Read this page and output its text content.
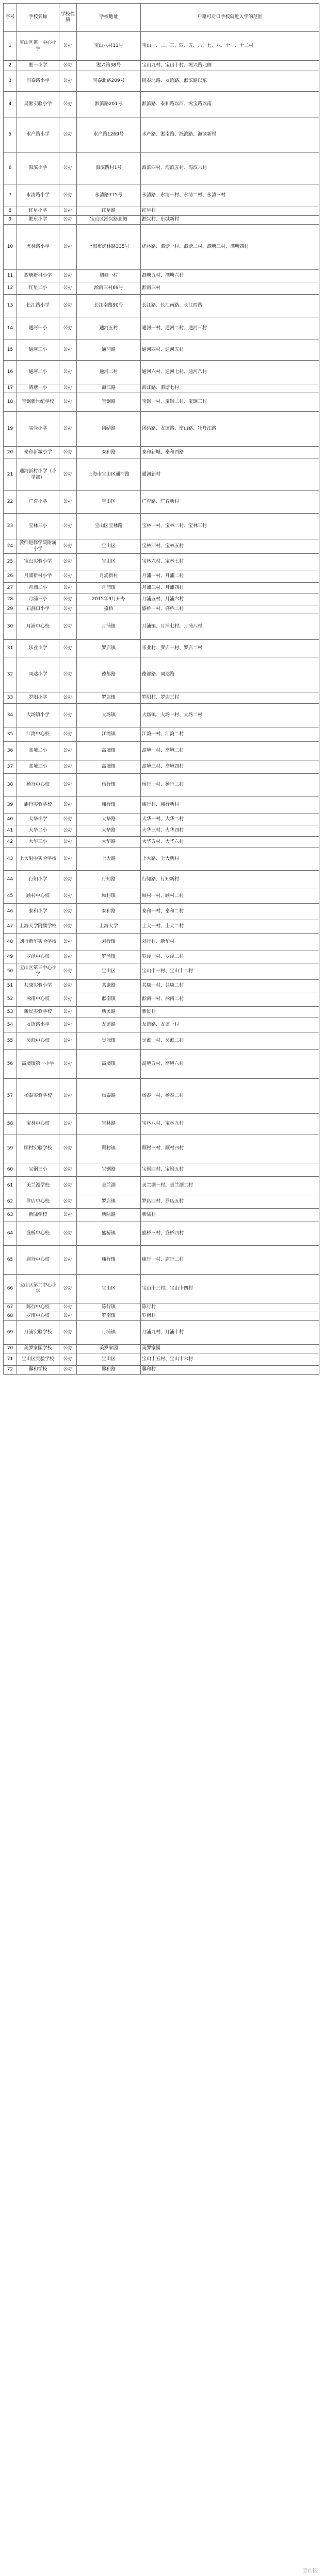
序号	学校名称	学校性质	学校地址	户籍可对口学校就近入学的范围
1	宝山区第一中心小学	公办	宝山八村11号	宝山一、二、三、四、五、六、七、八、十一、十二村
2	淞一小学	公办	淞兴路38号	宝山九村、宝山十村、淞兴路北侧
3	同泰路小学	公办	同泰北路209号	同泰北路、友谊路、淞滨路以东
4	吴淞实验小学	公办	淞滨路201号	淞滨路、泰和路以西、淞宝路以南
5	水产路小学	公办	水产路1269号	水产路、淞南路、淞滨路、海滨新村
6	海滨小学	公办	海滨四村1号	海滨四村、海滨五村、海滨六村
7	永清路小学	公办	永清路775号	永清路、永清一村、永清二村、永清三村
8	红星小学	公办	红星路	红星村
9	淞东小学	公办	宝山区淞兴路北侧	淞兴村、东城新村
10	虎林路小学	公办	上海市虎林路335号	虎林路、泗塘一村、泗塘二村、泗塘三村、泗塘四村
11	泗塘新村小学	公办	泗塘一村	泗塘五村、泗塘六村
12	红星二小	公办	淞南三村69号	淞南三村
13	长江路小学	公办	长江南路90号	长江路、长江南路、长江西路
14	通河一小	公办	通河五村	通河一村、通河二村、通河三村
15	通河三小	公办	通河路	通河四村、通河五村
16	通河二小	公办	通河二村	通河六村、通河七村、通河八村
17	泗塘一小	公办	海江路	海江路、泗塘七村
18	宝钢新世纪学校	公办	宝钢路	宝钢一村、宝钢二村、宝钢三村
19	实验小学	公办	团结路	团结路、友谊路、密山路、牡丹江路
20	泰和新城小学	公办	泰和路	泰和新城、泰和西路
21	通河新村小学（小学部）	公办	上海市宝山区通河路	通河新村
22	广育小学	公办	宝山区	广育路、广育新村
23	宝林三小	公办	宝山区宝林路	宝林一村、宝林二村、宝林三村
24	教师进修学院附属小学	公办	宝山区	宝林四村、宝林五村
25	宝山实验小学	公办	宝山区	宝林六村、宝林七村
26	月浦新村小学	公办	月浦新村	月浦一村、月浦二村
27	月浦二小	公办	月浦镇	月浦三村、月浦四村
28	月浦三小	公办	2015年9月开办	月浦五村、月浦六村
29	石洞口小学	公办	盛桥	盛桥一村、盛桥二村
30	月浦中心校	公办	月浦镇	月浦镇、月浦七村、月浦八村
31	乐业小学	公办	罗店镇	乐业村、罗店一村、罗店二村
32	同达小学	公办	德都路	德都路、同达路
33	罗阳小学	公办	罗店镇	罗阳村、罗店三村
34	大场镇小学	公办	大场镇	大场镇、大场一村、大场二村
35	江湾中心校	公办	江湾镇	江湾一村、江湾二村
36	高境二小	公办	高境镇	高境一村、高境二村
37	高境三小	公办	高境镇	高境三村、高境四村
38	杨行中心校	公办	杨行镇	杨行一村、杨行二村
39	庙行实验学校	公办	庙行镇	庙行村、庙行新村
40	大华小学	公办	大华路	大华一村、大华二村
41	大华二小	公办	大华路	大华三村、大华四村
42	大华三小	公办	大华路	大华五村、大华六村
43	上大附中实验学校	公办	上大路	上大路、上大新村
44	行知小学	公办	行知路	行知路、行知新村
45	顾村中心校	公办	顾村镇	顾村一村、顾村二村
46	泰和小学	公办	泰和路	泰和一村、泰和二村
47	上海大学附属学校	公办	上海大学	上大一村、上大二村
48	刘行新华实验学校	公办	刘行镇	刘行村、新华村
49	罗泾中心校	公办	罗泾镇	罗泾一村、罗泾二村
50	宝山区第三中心小学	公办	宝山区	宝山十一村、宝山十二村
51	共康实验小学	公办	共康路	共康一村、共康二村
52	淞南中心校	公办	淞南镇	淞南一村、淞南二村
53	新民实验学校	公办	新民路	新民村
54	友谊路小学	公办	友谊路	友谊路、友谊一村
55	吴淞中心校	公办	吴淞镇	吴淞一村、吴淞二村
56	高境镇第一小学	公办	高境镇	高境五村、高境六村
57	杨泰实验学校	公办	杨泰路	杨泰一村、杨泰二村
58	宝林中心校	公办	宝林路	宝林八村、宝林九村
59	顾村实验学校	公办	顾村镇	顾村三村、顾村四村
60	宝钢三小	公办	宝钢路	宝钢四村、宝钢五村
61	美兰湖学校	公办	美兰湖	美兰湖一村、美兰湖二村
62	罗店中心校	公办	罗店镇	罗店四村、罗店五村
63	新陆学校	公办	新陆路	新陆村
64	盛桥中心校	公办	盛桥镇	盛桥三村、盛桥四村
65	庙行中心校	公办	庙行镇	庙行一村、庙行二村
66	宝山区第二中心小学	公办	宝山区	宝山十三村、宝山十四村
67	陈行中心校	公办	陈行镇	陈行村
68	罗南中心校	公办	罗南镇	罗南村
69	月浦实验学校	公办	月浦镇	月浦九村、月浦十村
70	美罗家园学校	公办	美罗家园	美罗家园
71	宝山区实验学校	公办	宝山区	宝山十五村、宝山十六村
72	馨和学校	公办	馨和路	馨和村
宝山区
